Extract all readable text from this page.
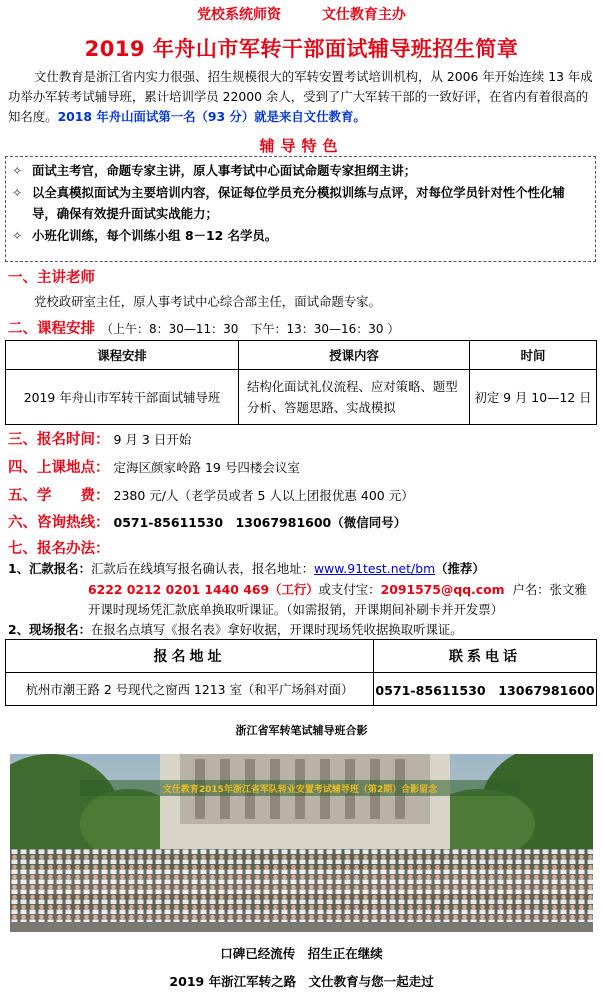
党校系统师资	文仕教育主办
2019 年舟山市军转干部面试辅导班招生简章
文仕教育是浙江省内实力很强、招生规模很大的军转安置考试培训机构，从 2006 年开始连续 13 年成功举办军转考试辅导班，累计培训学员 22000 余人，受到了广大军转干部的一致好评，在省内有着很高的知名度。2018 年舟山面试第一名（93 分）就是来自文仕教育。
辅导特色
✧ 面试主考官，命题专家主讲，原人事考试中心面试命题专家担纲主讲；
✧ 以全真模拟面试为主要培训内容，保证每位学员充分模拟训练与点评，对每位学员针对性个性化辅导，确保有效提升面试实战能力；
✧ 小班化训练，每个训练小组 8－12 名学员。
一、主讲老师
党校政研室主任，原人事考试中心综合部主任，面试命题专家。
二、课程安排 （上午：8：30—11：30　下午：13：30—16：30 ）
课程安排	授课内容	时间
2019 年舟山市军转干部面试辅导班	结构化面试礼仪流程、应对策略、题型分析、答题思路、实战模拟	初定 9 月 10—12 日
三、报名时间： 9 月 3 日开始
四、上课地点： 定海区颜家岭路 19 号四楼会议室
五、学　　费： 2380 元/人（老学员或者 5 人以上团报优惠 400 元）
六、咨询热线： 0571-85611530　13067981600（微信同号）
七、报名办法：
1、汇款报名：汇款后在线填写报名确认表，报名地址：www.91test.net/bm（推荐）
6222 0212 0201 1440 469（工行）或支付宝：2091575@qq.com 户名：张文雅
开课时现场凭汇款底单换取听课证。（如需报销，开课期间补刷卡并开发票）
2、现场报名：在报名点填写《报名表》拿好收据，开课时现场凭收据换取听课证。
报名地址	联系电话
杭州市潮王路 2 号现代之窗西 1213 室（和平广场斜对面）	0571-85611530　13067981600
浙江省军转笔试辅导班合影
文仕教育2015年浙江省军队转业安置考试辅导班（第2期）合影留念
口碑已经流传　招生正在继续
2019 年浙江军转之路　文仕教育与您一起走过
